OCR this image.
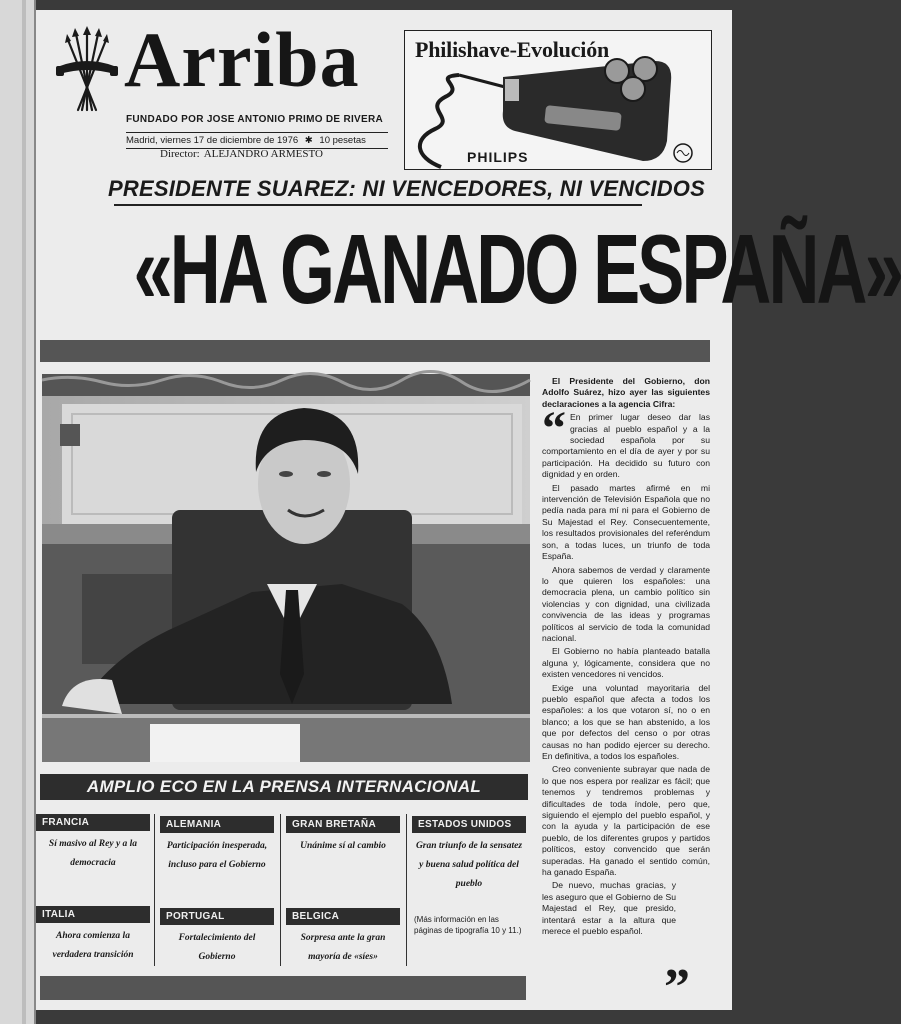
Arriba
FUNDADO POR JOSE ANTONIO PRIMO DE RIVERA
Madrid, viernes 17 de diciembre de 1976 ✱ 10 pesetas
Director: ALEJANDRO ARMESTO
Philishave-Evolución
PHILIPS
PRESIDENTE SUAREZ: NI VENCEDORES, NI VENCIDOS
«HA GANADO ESPAÑA»

El Presidente del Gobierno, don Adolfo Suárez, hizo ayer las siguientes declaraciones a la agencia Cifra:

“ En primer lugar deseo dar las gracias al pueblo español y a la sociedad española por su comportamiento en el día de ayer y por su participación. Ha decidido su futuro con dignidad y en orden.

El pasado martes afirmé en mi intervención de Televisión Española que no pedía nada para mí ni para el Gobierno de Su Majestad el Rey. Consecuentemente, los resultados provisionales del referéndum son, a todas luces, un triunfo de toda España.

Ahora sabemos de verdad y claramente lo que quieren los españoles: una democracia plena, un cambio político sin violencias y con dignidad, una civilizada convivencia de las ideas y programas políticos al servicio de toda la comunidad nacional.

El Gobierno no había planteado batalla alguna y, lógicamente, considera que no existen vencedores ni vencidos.

Exige una voluntad mayoritaria del pueblo español que afecta a todos los españoles: a los que votaron sí, no o en blanco; a los que se han abstenido, a los que por defectos del censo o por otras causas no han podido ejercer su derecho. En definitiva, a todos los españoles.

Creo conveniente subrayar que nada de lo que nos espera por realizar es fácil; que tenemos y tendremos problemas y dificultades de toda índole, pero que, siguiendo el ejemplo del pueblo español, y con la ayuda y la participación de ese pueblo, de los diferentes grupos y partidos políticos, estoy convencido que serán superadas. Ha ganado el sentido común, ha ganado España.

De nuevo, muchas gracias, y les aseguro que el Gobierno de Su Majestad el Rey, que presido, intentará estar a la altura que merece el pueblo español.

”
AMPLIO ECO EN LA PRENSA INTERNACIONAL
FRANCIA
Sí masivo al Rey y a la democracia
ALEMANIA
Participación inesperada, incluso para el Gobierno
GRAN BRETAÑA
Unánime sí al cambio
ESTADOS UNIDOS
Gran triunfo de la sensatez y buena salud política del pueblo
ITALIA
Ahora comienza la verdadera transición
PORTUGAL
Fortalecimiento del Gobierno
BELGICA
Sorpresa ante la gran mayoría de «síes»
(Más información en las páginas de tipografía 10 y 11.)
